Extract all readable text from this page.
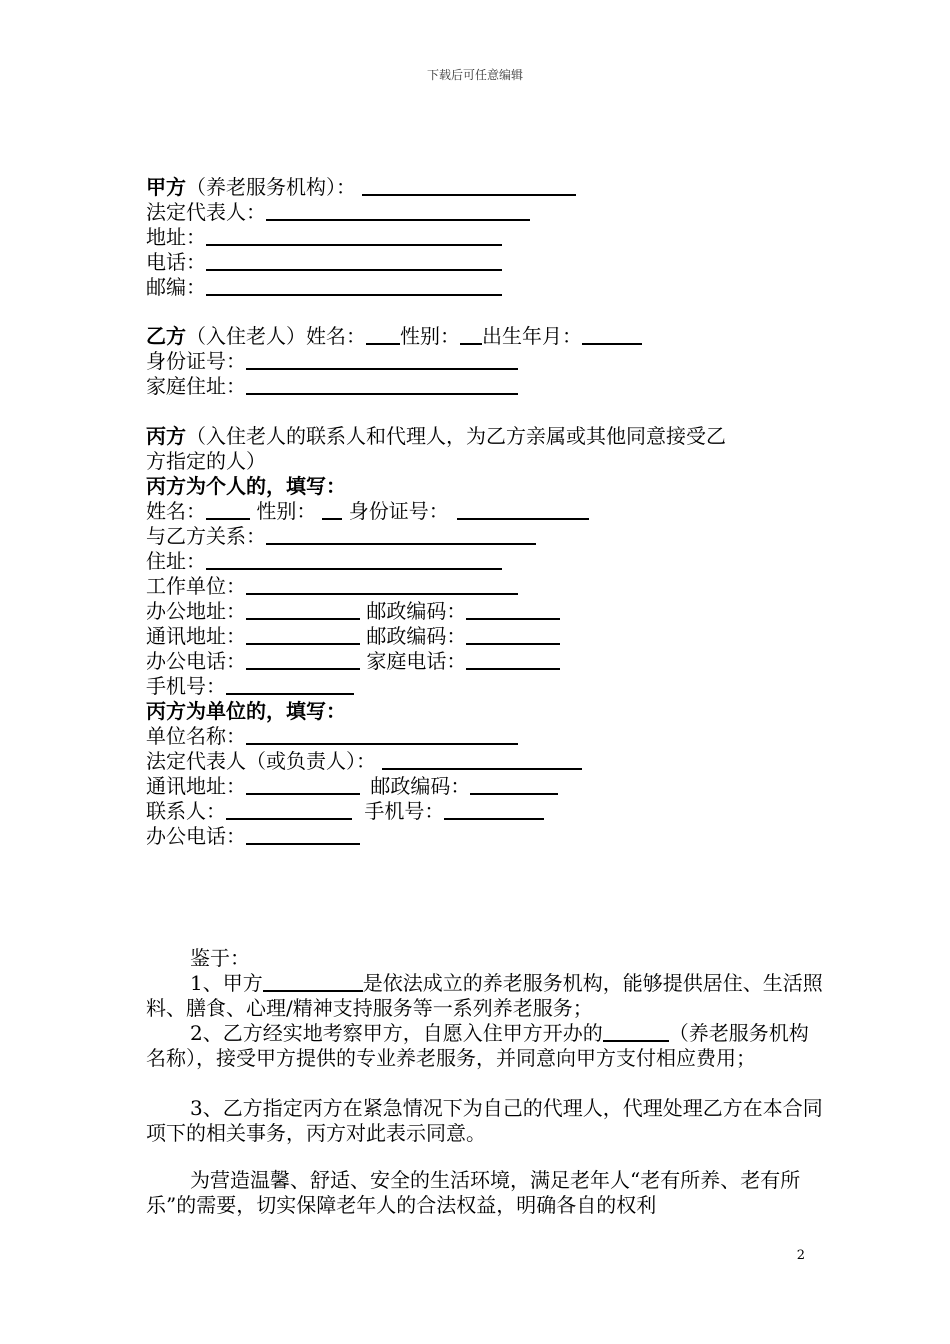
下载后可任意编辑
甲方（养老服务机构）：
法定代表人：
地址：
电话：
邮编：
乙方（入住老人）姓名： 性别： 出生年月：
身份证号：
家庭住址：
丙方（入住老人的联系人和代理人，为乙方亲属或其他同意接受乙
方指定的人）
丙方为个人的，填写：
姓名：	性别： 身份证号：
与乙方关系：
住址：
工作单位：
办公地址：	邮政编码：
通讯地址：	邮政编码：
办公电话：	家庭电话：
手机号：
丙方为单位的，填写：
单位名称：
法定代表人（或负责人）：
通讯地址：	邮政编码：
联系人：	手机号：
办公电话：
鉴于：
1、甲方	是依法成立的养老服务机构，能够提供居住、生活照料、膳食、心理/精神支持服务等一系列养老服务；
2、乙方经实地考察甲方，自愿入住甲方开办的	（养老服务机构名称），接受甲方提供的专业养老服务，并同意向甲方支付相应费用；
3、乙方指定丙方在紧急情况下为自己的代理人，代理处理乙方在本合同项下的相关事务，丙方对此表示同意。
为营造温馨、舒适、安全的生活环境，满足老年人“老有所养、老有所乐”的需要，切实保障老年人的合法权益，明确各自的权利
2
